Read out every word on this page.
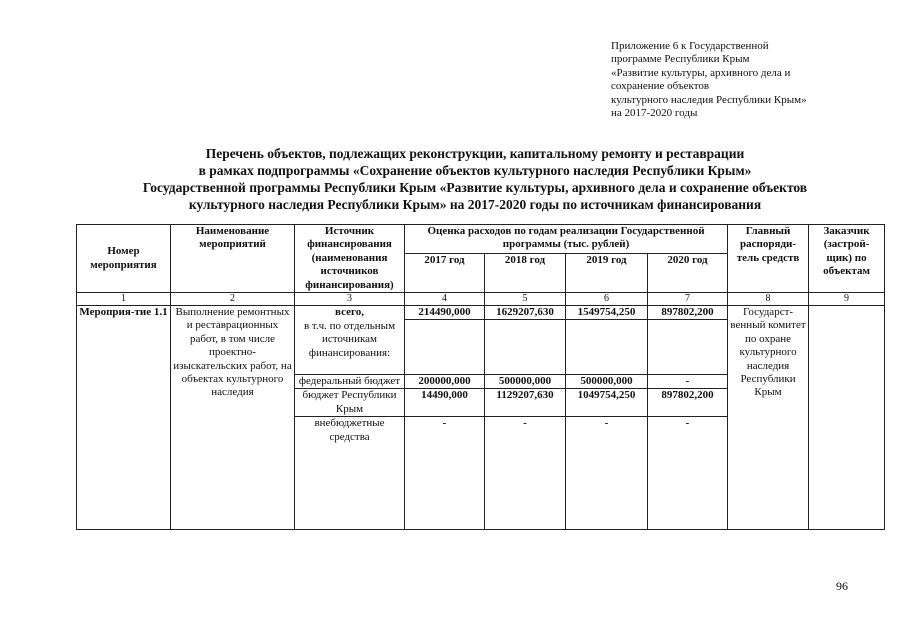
Приложение 6 к Государственной
программе Республики Крым
«Развитие культуры, архивного дела и
сохранение объектов
культурного наследия Республики Крым»
на 2017-2020 годы
Перечень объектов, подлежащих реконструкции, капитальному ремонту и реставрации
в рамках подпрограммы «Сохранение объектов культурного наследия Республики Крым»
Государственной программы Республики Крым «Развитие культуры, архивного дела и сохранение объектов
культурного наследия Республики Крым» на 2017-2020 годы по источникам финансирования
Номер мероприятия	Наименование мероприятий	Источник финансирования (наименования источников финансирования)	Оценка расходов по годам реализации Государственной программы (тыс. рублей)				Главный распоряди-тель средств	Заказчик (застрой-щик) по объектам
			2017 год	2018 год	2019 год	2020 год		
1	2	3	4	5	6	7	8	9
Мероприя-тие 1.1	Выполнение ремонтных и реставрационных работ, в том числе проектно-изыскательских работ, на объектах культурного наследия	всего,	214490,000	1629207,630	1549754,250	897802,200	Государст-венный комитет по охране культурного наследия Республики Крым	
		в т.ч. по отдельным источникам финансирования:						
		федеральный бюджет	200000,000	500000,000	500000,000	-		
		бюджет Республики Крым	14490,000	1129207,630	1049754,250	897802,200		
		внебюджетные средства	-	-	-	-		
96
